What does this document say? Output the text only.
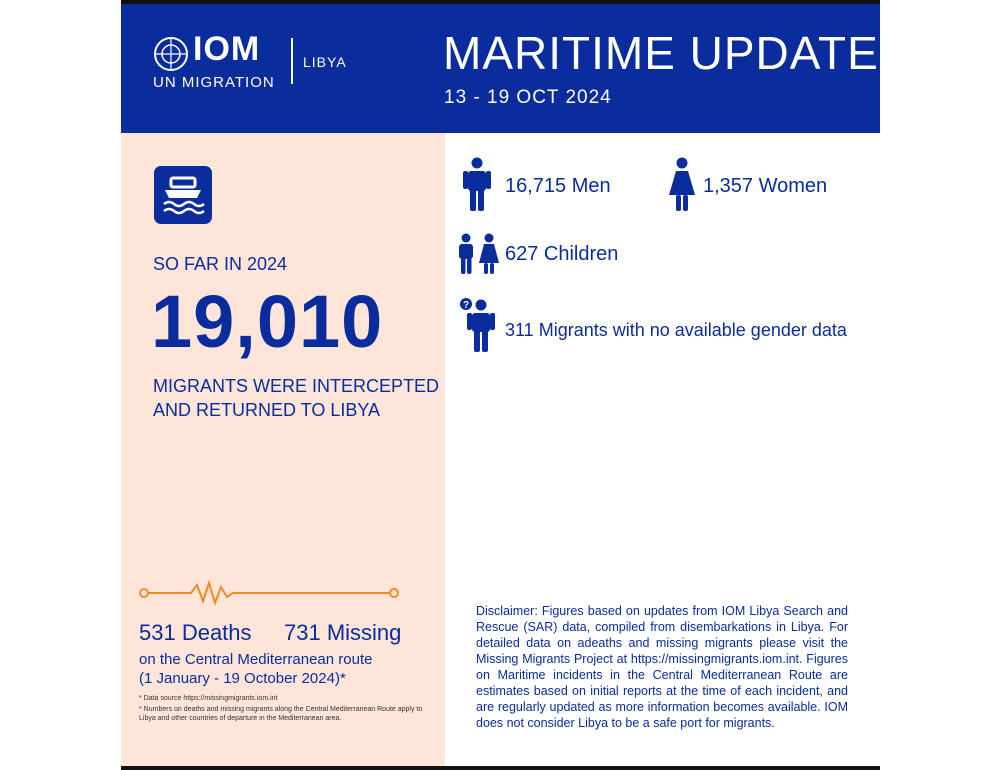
IOM
UN MIGRATION
LIBYA MARITIME UPDATE
13 - 19 OCT 2024
SO FAR IN 2024
19,010
MIGRANTS WERE INTERCEPTED AND RETURNED TO LIBYA
531 Deaths 731 Missing
on the Central Mediterranean route
(1 January - 19 October 2024)*
* Data source https://missingmigrants.iom.int
* Numbers on deaths and missing migrants along the Central Mediterranean Route apply to Libya and other countries of departure in the Mediterranean area.
16,715 Men	1,357 Women
627 Children
?
311 Migrants with no available gender data
Disclaimer: Figures based on updates from IOM Libya Search and Rescue (SAR) data, compiled from disembarkations in Libya. For detailed data on adeaths and missing migrants please visit the Missing Migrants Project at https://missingmigrants.iom.int. Figures on Maritime incidents in the Central Mediterranean Route are estimates based on initial reports at the time of each incident, and are regularly updated as more information becomes available. IOM does not consider Libya to be a safe port for migrants.
